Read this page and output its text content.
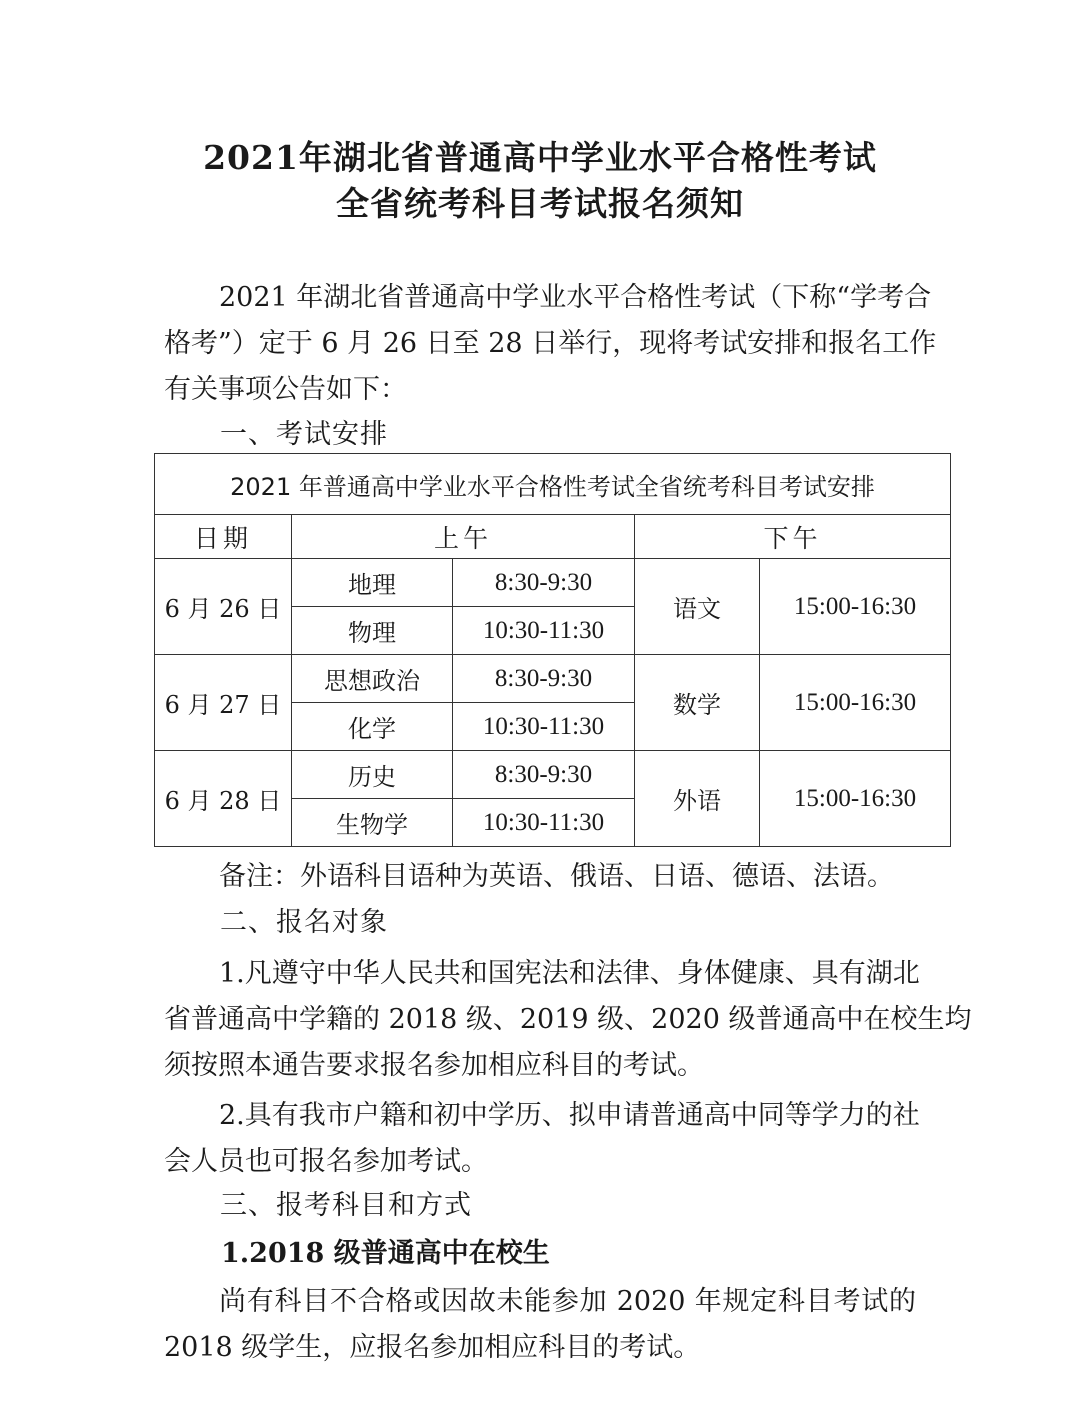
2021年湖北省普通高中学业水平合格性考试
全省统考科目考试报名须知
2021 年湖北省普通高中学业水平合格性考试（下称“学考合
格考”）定于 6 月 26 日至 28 日举行，现将考试安排和报名工作
有关事项公告如下：
一、考试安排
2021 年普通高中学业水平合格性考试全省统考科目考试安排				
日期	上午		下午	
6 月 26 日	地理	8:30-9:30	语文	15:00-16:30
	物理	10:30-11:30		
6 月 27 日	思想政治	8:30-9:30	数学	15:00-16:30
	化学	10:30-11:30		
6 月 28 日	历史	8:30-9:30	外语	15:00-16:30
	生物学	10:30-11:30		
备注：外语科目语种为英语、俄语、日语、德语、法语。
二、报名对象
1.凡遵守中华人民共和国宪法和法律、身体健康、具有湖北
省普通高中学籍的 2018 级、2019 级、2020 级普通高中在校生均
须按照本通告要求报名参加相应科目的考试。
2.具有我市户籍和初中学历、拟申请普通高中同等学力的社
会人员也可报名参加考试。
三、报考科目和方式
1.2018 级普通高中在校生
尚有科目不合格或因故未能参加 2020 年规定科目考试的
2018 级学生，应报名参加相应科目的考试。
